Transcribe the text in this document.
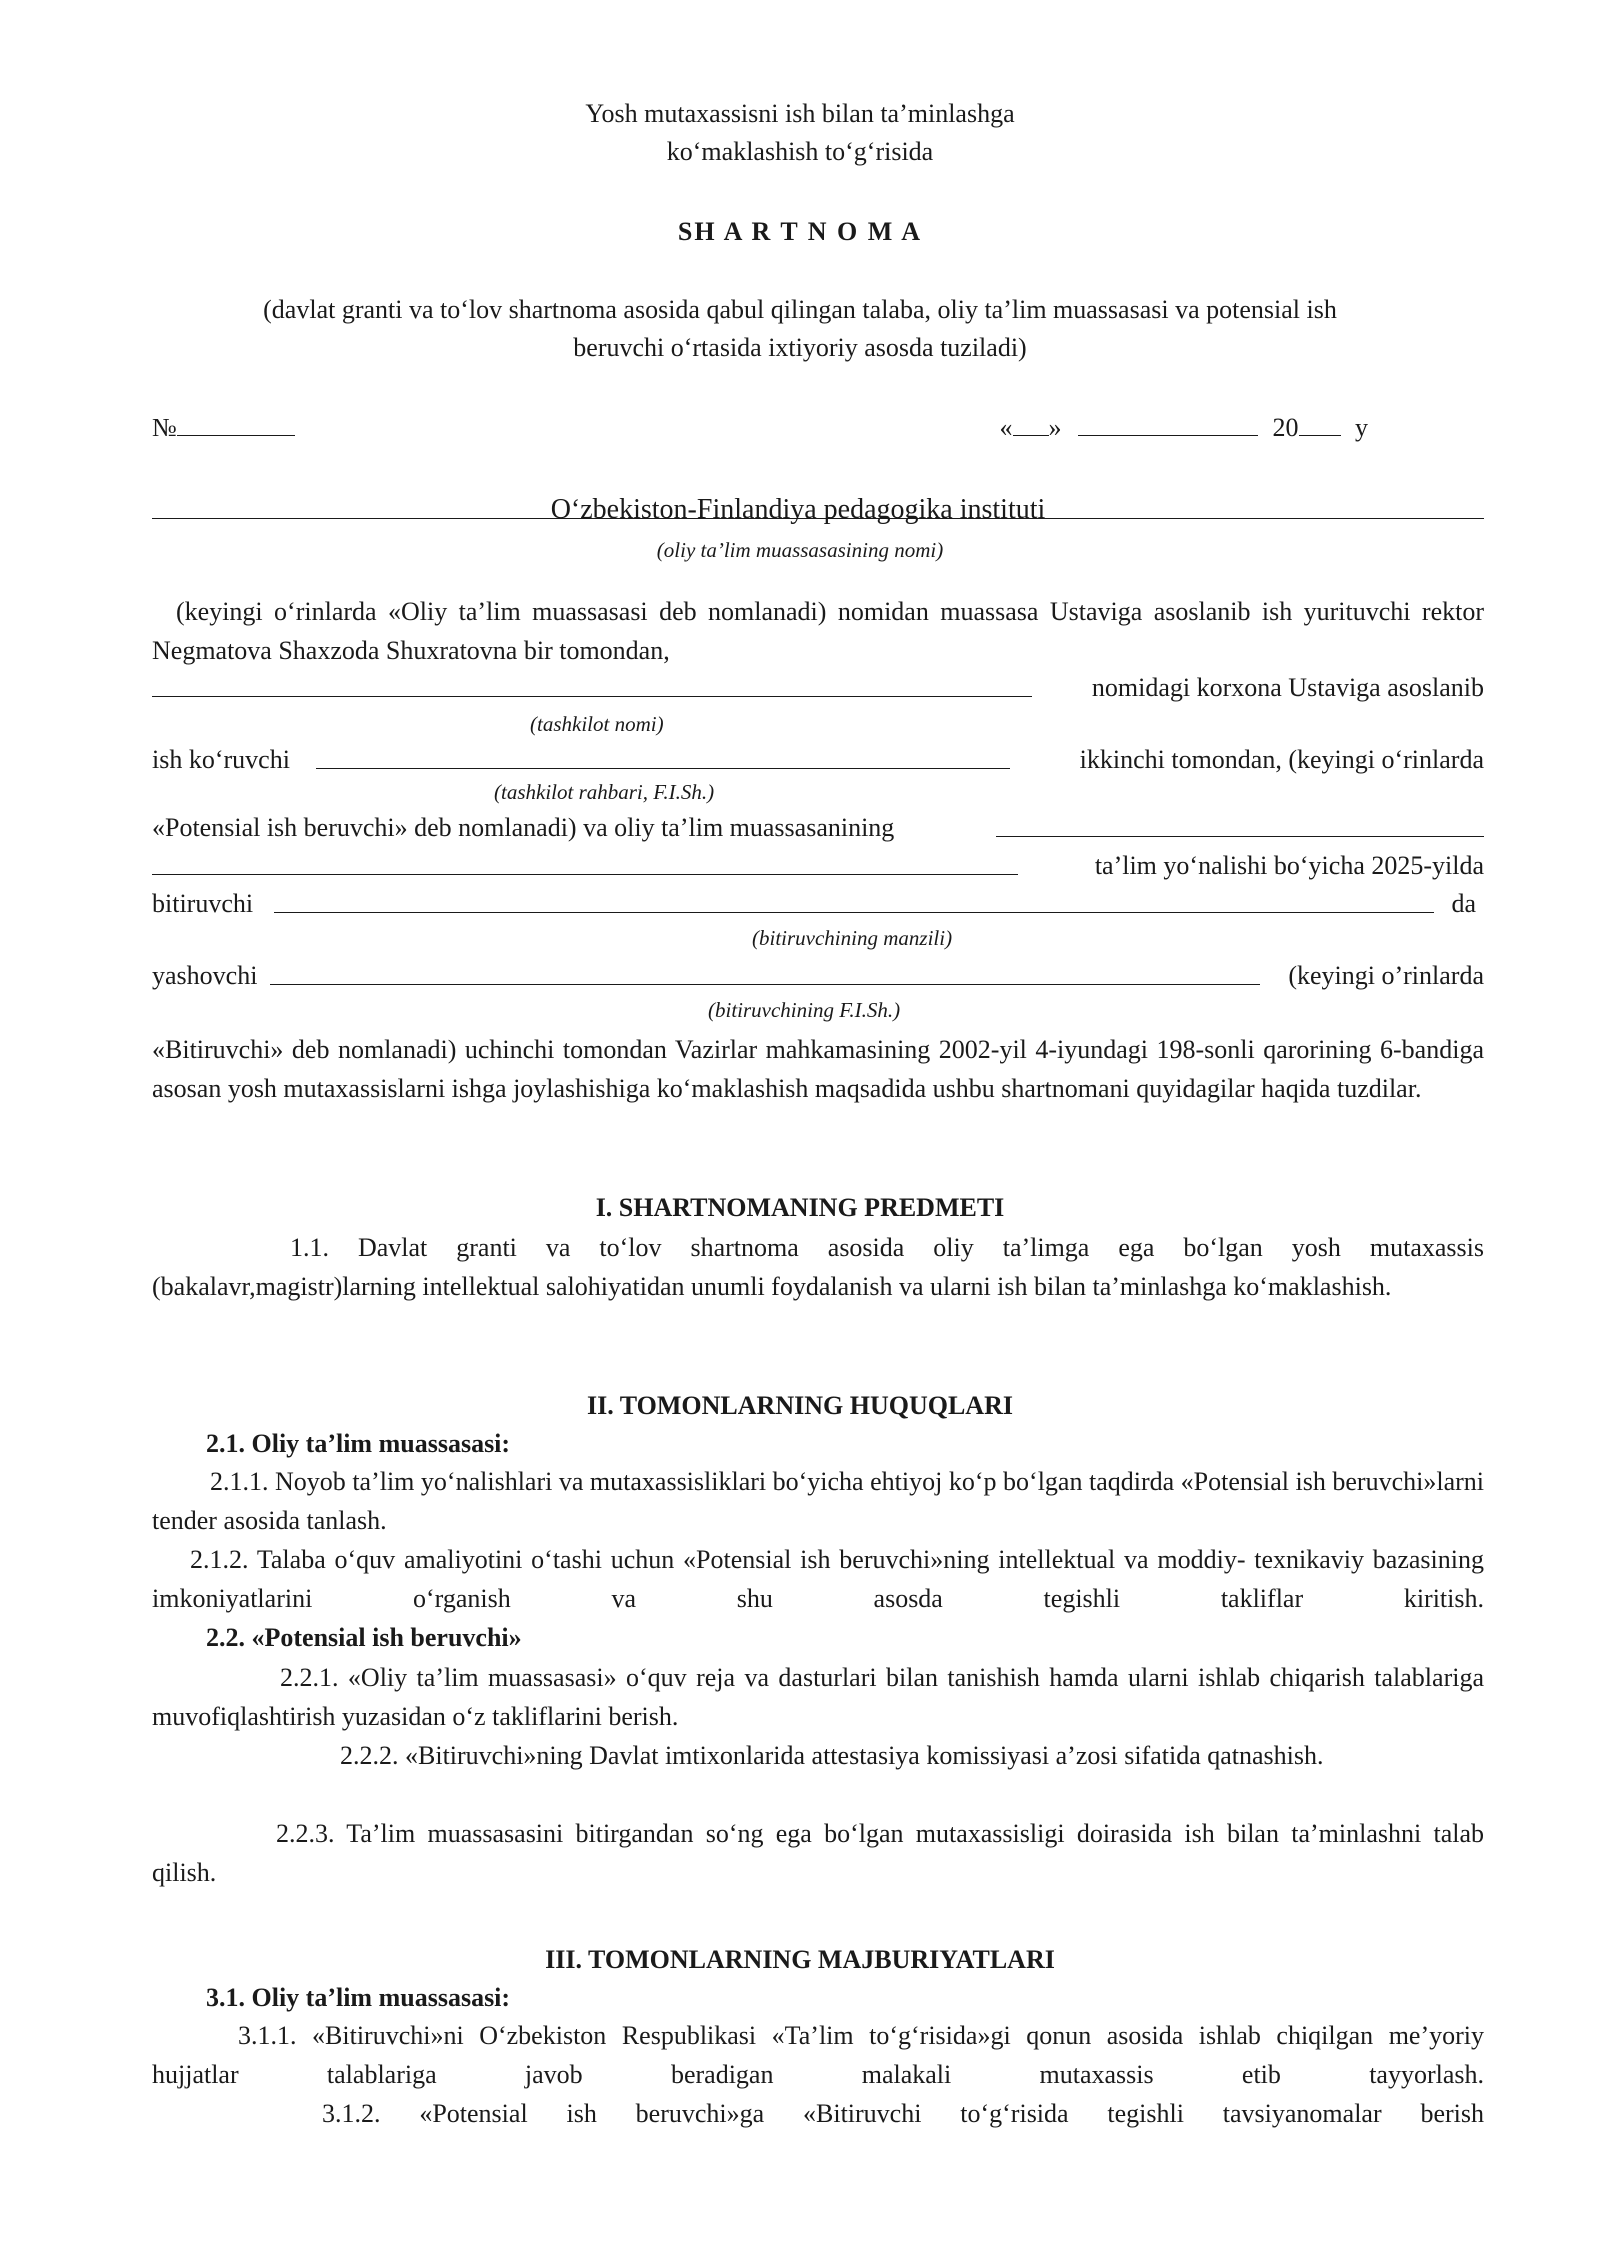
Yosh mutaxassisni ish bilan ta’minlashga
ko‘maklashish to‘g‘risida
SH A R T N O M A
(davlat granti va to‘lov shartnoma asosida qabul qilingan talaba, oliy ta’lim muassasasi va potensial ish
beruvchi o‘rtasida ixtiyoriy asosda tuziladi)
№	« »	20 y
O‘zbekiston-Finlandiya pedagogika instituti
(oliy ta’lim muassasasining nomi)
(keyingi o‘rinlarda «Oliy ta’lim muassasasi deb nomlanadi) nomidan muassasa Ustaviga asoslanib ish yurituvchi rektor Negmatova Shaxzoda Shuxratovna bir tomondan,
nomidagi korxona Ustaviga asoslanib
(tashkilot nomi)
ish ko‘ruvchi	ikkinchi tomondan, (keyingi o‘rinlarda
(tashkilot rahbari, F.I.Sh.)
«Potensial ish beruvchi» deb nomlanadi) va oliy ta’lim muassasanining
ta’lim yo‘nalishi bo‘yicha 2025-yilda
bitiruvchi	da
(bitiruvchining manzili)
yashovchi	(keyingi o’rinlarda
(bitiruvchining F.I.Sh.)
«Bitiruvchi» deb nomlanadi) uchinchi tomondan Vazirlar mahkamasining 2002-yil 4-iyundagi 198-sonli qarorining 6-bandiga asosan yosh mutaxassislarni ishga joylashishiga ko‘maklashish maqsadida ushbu shartnomani quyidagilar haqida tuzdilar.
I. SHARTNOMANING PREDMETI
1.1. Davlat granti va to‘lov shartnoma asosida oliy ta’limga ega bo‘lgan yosh mutaxassis (bakalavr,magistr)larning intellektual salohiyatidan unumli foydalanish va ularni ish bilan ta’minlashga ko‘maklashish.
II. TOMONLARNING HUQUQLARI
2.1. Oliy ta’lim muassasasi:
2.1.1. Noyob ta’lim yo‘nalishlari va mutaxassisliklari bo‘yicha ehtiyoj ko‘p bo‘lgan taqdirda «Potensial ish beruvchi»larni tender asosida tanlash.
2.1.2. Talaba o‘quv amaliyotini o‘tashi uchun «Potensial ish beruvchi»ning intellektual va moddiy- texnikaviy bazasining imkoniyatlarini o‘rganish va shu asosda tegishli takliflar kiritish.
2.2. «Potensial ish beruvchi»
2.2.1. «Oliy ta’lim muassasasi» o‘quv reja va dasturlari bilan tanishish hamda ularni ishlab chiqarish talablariga muvofiqlashtirish yuzasidan o‘z takliflarini berish.
2.2.2. «Bitiruvchi»ning Davlat imtixonlarida attestasiya komissiyasi a’zosi sifatida qatnashish.
2.2.3. Ta’lim muassasasini bitirgandan so‘ng ega bo‘lgan mutaxassisligi doirasida ish bilan ta’minlashni talab qilish.
III. TOMONLARNING MAJBURIYATLARI
3.1. Oliy ta’lim muassasasi:
3.1.1. «Bitiruvchi»ni O‘zbekiston Respublikasi «Ta’lim to‘g‘risida»gi qonun asosida ishlab chiqilgan me’yoriy hujjatlar talablariga javob beradigan malakali mutaxassis etib tayyorlash.
3.1.2. «Potensial ish beruvchi»ga «Bitiruvchi to‘g‘risida tegishli tavsiyanomalar berish
